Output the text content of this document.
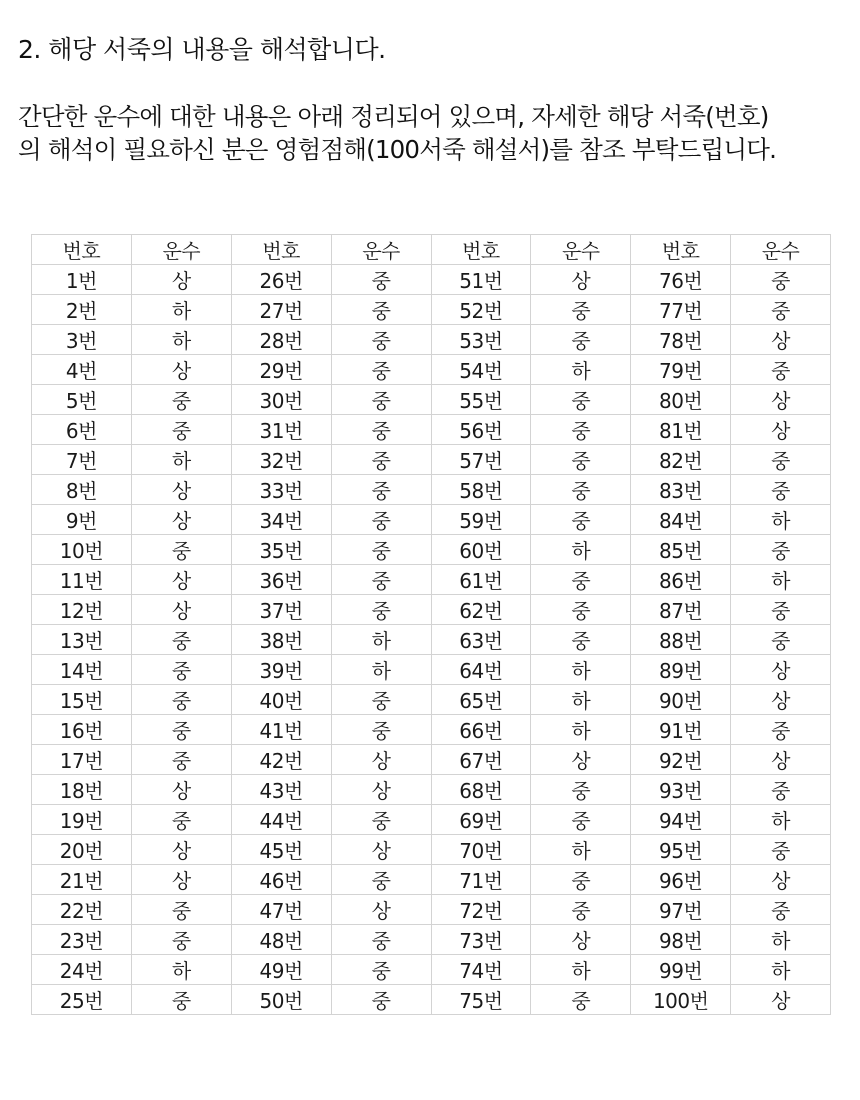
2. 해당 서죽의 내용을 해석합니다.

간단한 운수에 대한 내용은 아래 정리되어 있으며, 자세한 해당 서죽(번호)

의 해석이 필요하신 분은 영험점해(100서죽 해설서)를 참조 부탁드립니다.

번호	운수	번호	운수	번호	운수	번호	운수
1번	상	26번	중	51번	상	76번	중
2번	하	27번	중	52번	중	77번	중
3번	하	28번	중	53번	중	78번	상
4번	상	29번	중	54번	하	79번	중
5번	중	30번	중	55번	중	80번	상
6번	중	31번	중	56번	중	81번	상
7번	하	32번	중	57번	중	82번	중
8번	상	33번	중	58번	중	83번	중
9번	상	34번	중	59번	중	84번	하
10번	중	35번	중	60번	하	85번	중
11번	상	36번	중	61번	중	86번	하
12번	상	37번	중	62번	중	87번	중
13번	중	38번	하	63번	중	88번	중
14번	중	39번	하	64번	하	89번	상
15번	중	40번	중	65번	하	90번	상
16번	중	41번	중	66번	하	91번	중
17번	중	42번	상	67번	상	92번	상
18번	상	43번	상	68번	중	93번	중
19번	중	44번	중	69번	중	94번	하
20번	상	45번	상	70번	하	95번	중
21번	상	46번	중	71번	중	96번	상
22번	중	47번	상	72번	중	97번	중
23번	중	48번	중	73번	상	98번	하
24번	하	49번	중	74번	하	99번	하
25번	중	50번	중	75번	중	100번	상
